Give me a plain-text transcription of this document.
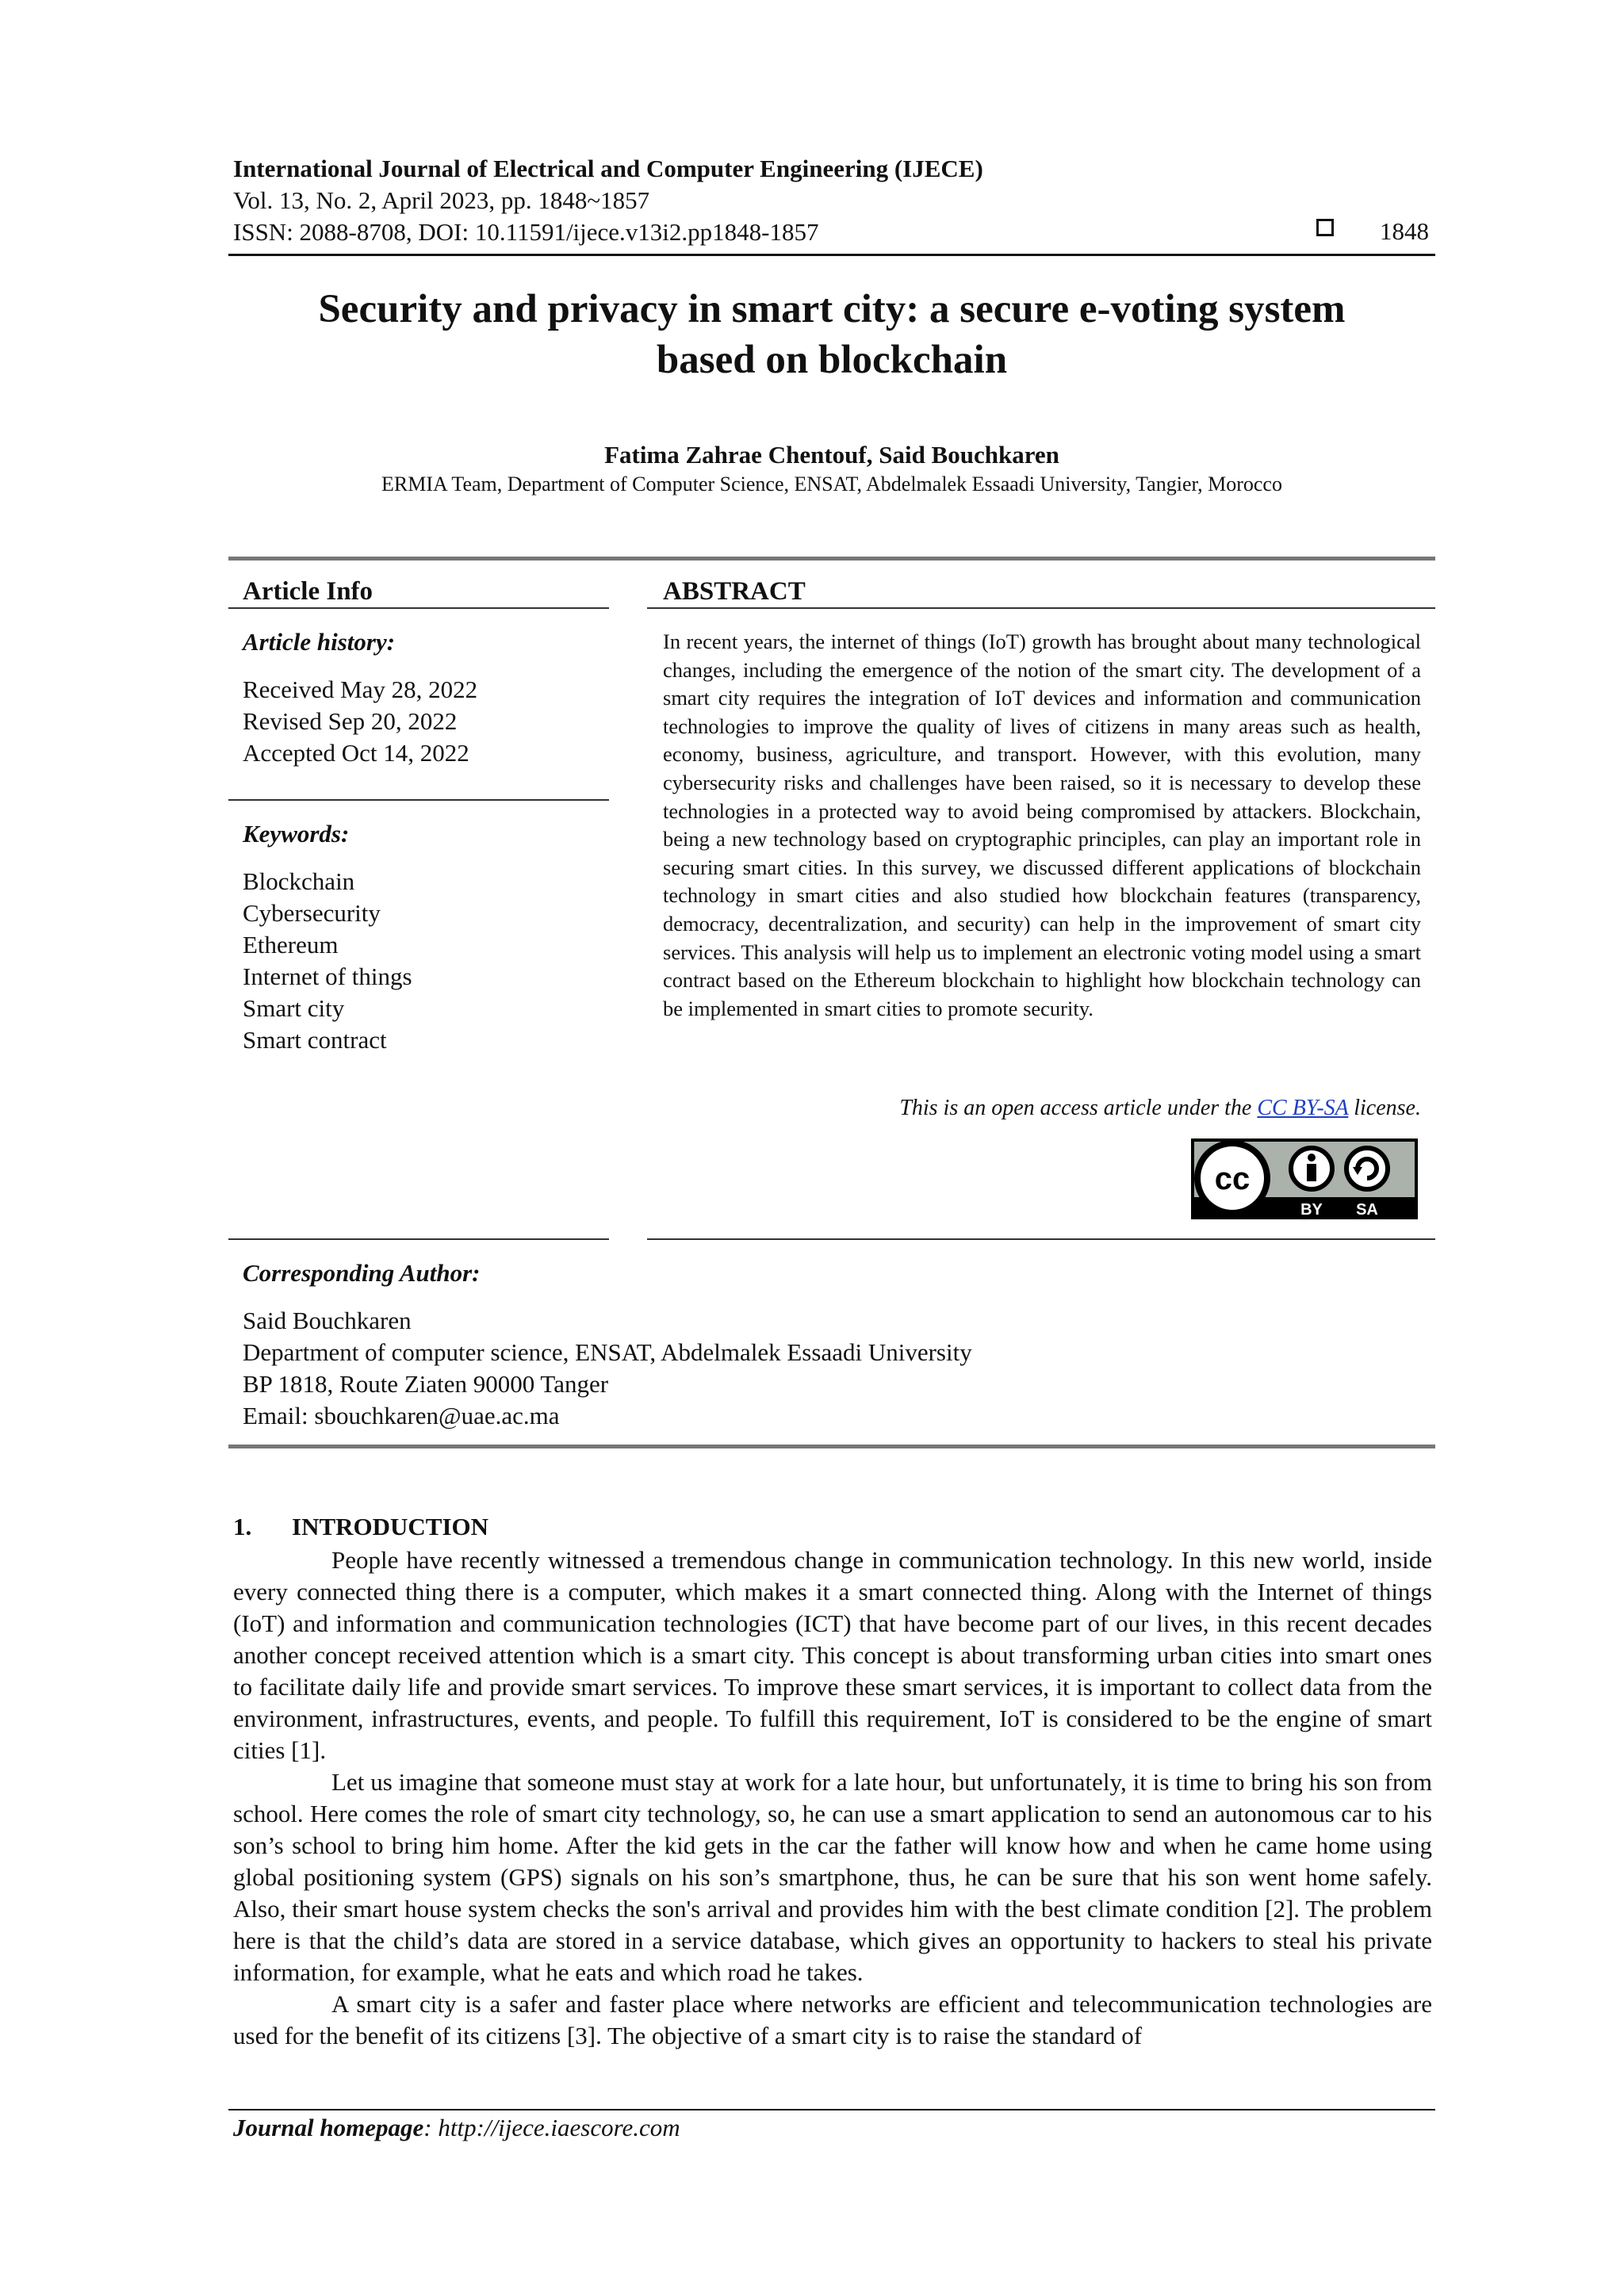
International Journal of Electrical and Computer Engineering (IJECE)
Vol. 13, No. 2, April 2023, pp. 1848~1857
ISSN: 2088-8708, DOI: 10.11591/ijece.v13i2.pp1848-1857	1848
Security and privacy in smart city: a secure e-voting system
based on blockchain
Fatima Zahrae Chentouf, Said Bouchkaren
ERMIA Team, Department of Computer Science, ENSAT, Abdelmalek Essaadi University, Tangier, Morocco
Article Info	ABSTRACT
Article history:
Received May 28, 2022
Revised Sep 20, 2022
Accepted Oct 14, 2022
Keywords:
Blockchain
Cybersecurity
Ethereum
Internet of things
Smart city
Smart contract

In recent years, the internet of things (IoT) growth has brought about many technological changes, including the emergence of the notion of the smart city. The development of a smart city requires the integration of IoT devices and information and communication technologies to improve the quality of lives of citizens in many areas such as health, economy, business, agriculture, and transport. However, with this evolution, many cybersecurity risks and challenges have been raised, so it is necessary to develop these technologies in a protected way to avoid being compromised by attackers. Blockchain, being a new technology based on cryptographic principles, can play an important role in securing smart cities. In this survey, we discussed different applications of blockchain technology in smart cities and also studied how blockchain features (transparency, democracy, decentralization, and security) can help in the improvement of smart city services. This analysis will help us to implement an electronic voting model using a smart contract based on the Ethereum blockchain to highlight how blockchain technology can be implemented in smart cities to promote security.

This is an open access article under the CC BY-SA license.
cc
BY SA
Corresponding Author:
Said Bouchkaren
Department of computer science, ENSAT, Abdelmalek Essaadi University
BP 1818, Route Ziaten 90000 Tanger
Email: sbouchkaren@uae.ac.ma
1. INTRODUCTION

People have recently witnessed a tremendous change in communication technology. In this new world, inside every connected thing there is a computer, which makes it a smart connected thing. Along with the Internet of things (IoT) and information and communication technologies (ICT) that have become part of our lives, in this recent decades another concept received attention which is a smart city. This concept is about transforming urban cities into smart ones to facilitate daily life and provide smart services. To improve these smart services, it is important to collect data from the environment, infrastructures, events, and people. To fulfill this requirement, IoT is considered to be the engine of smart cities [1].

Let us imagine that someone must stay at work for a late hour, but unfortunately, it is time to bring his son from school. Here comes the role of smart city technology, so, he can use a smart application to send an autonomous car to his son’s school to bring him home. After the kid gets in the car the father will know how and when he came home using global positioning system (GPS) signals on his son’s smartphone, thus, he can be sure that his son went home safely. Also, their smart house system checks the son's arrival and provides him with the best climate condition [2]. The problem here is that the child’s data are stored in a service database, which gives an opportunity to hackers to steal his private information, for example, what he eats and which road he takes.

A smart city is a safer and faster place where networks are efficient and telecommunication technologies are used for the benefit of its citizens [3]. The objective of a smart city is to raise the standard of

Journal homepage: http://ijece.iaescore.com
